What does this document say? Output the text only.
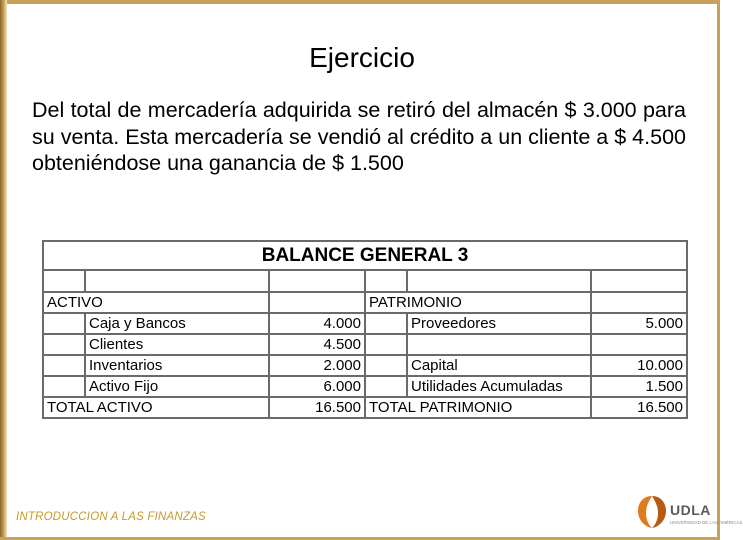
Ejercicio
Del total de mercadería adquirida se retiró del almacén $ 3.000 para su venta. Esta mercadería se vendió al crédito a un cliente a $ 4.500 obteniéndose una ganancia de $ 1.500
BALANCE GENERAL 3					

ACTIVO			PATRIMONIO		
	Caja y Bancos	4.000		Proveedores	5.000
	Clientes	4.500			
	Inventarios	2.000		Capital	10.000
	Activo Fijo	6.000		Utilidades Acumuladas	1.500
TOTAL ACTIVO		16.500	TOTAL PATRIMONIO		16.500
INTRODUCCION A LAS FINANZAS	UDLA
UNIVERSIDAD DE LAS AMÉRICAS
